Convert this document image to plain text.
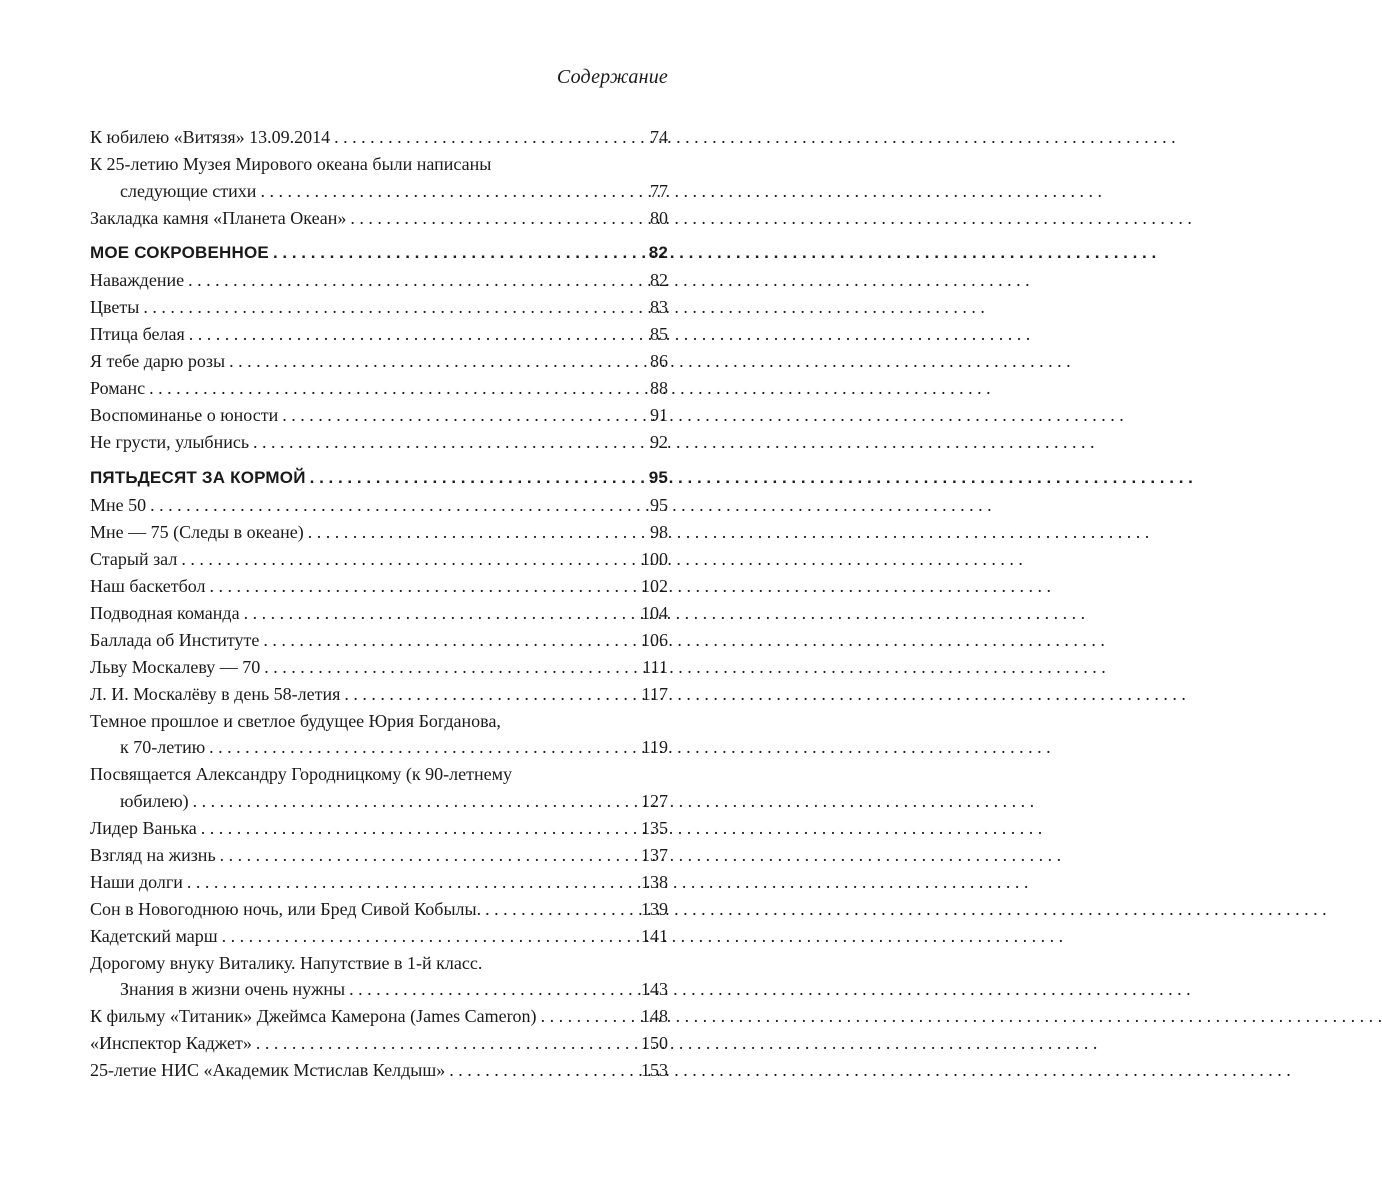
Содержание
К юбилею «Витязя» 13.09.2014 . . .	74
К 25-летию Музея Мирового океана были написаны
следующие стихи . . .	77
Закладка камня «Планета Океан» . . .	80
МОЕ СОКРОВЕННОЕ . . .	82
Наваждение . . .	82
Цветы . . .	83
Птица белая . . .	85
Я тебе дарю розы . . .	86
Романс . . .	88
Воспоминанье о юности . . .	91
Не грусти, улыбнись . . .	92
ПЯТЬДЕСЯТ ЗА КОРМОЙ . . .	95
Мне 50 . . .	95
Мне — 75 (Следы в океане) . . .	98
Старый зал . . .	100
Наш баскетбол . . .	102
Подводная команда . . .	104
Баллада об Институте . . .	106
Льву Москалеву — 70 . . .	111
Л. И. Москалёву в день 58-летия . . .	117
Темное прошлое и светлое будущее Юрия Богданова,
к 70-летию . . .	119
Посвящается Александру Городницкому (к 90-летнему
юбилею) . . .	127
Лидер Ванька . . .	135
Взгляд на жизнь . . .	137
Наши долги . . .	138
Сон в Новогоднюю ночь, или Бред Сивой Кобылы. . . .	139
Кадетский марш . . .	141
Дорогому внуку Виталику. Напутствие в 1-й класс.
Знания в жизни очень нужны . . .	143
К фильму «Титаник» Джеймса Камерона (James Cameron) . . .	148
«Инспектор Каджет» . . .	150
25-летие НИС «Академик Мстислав Келдыш» . . .	153
